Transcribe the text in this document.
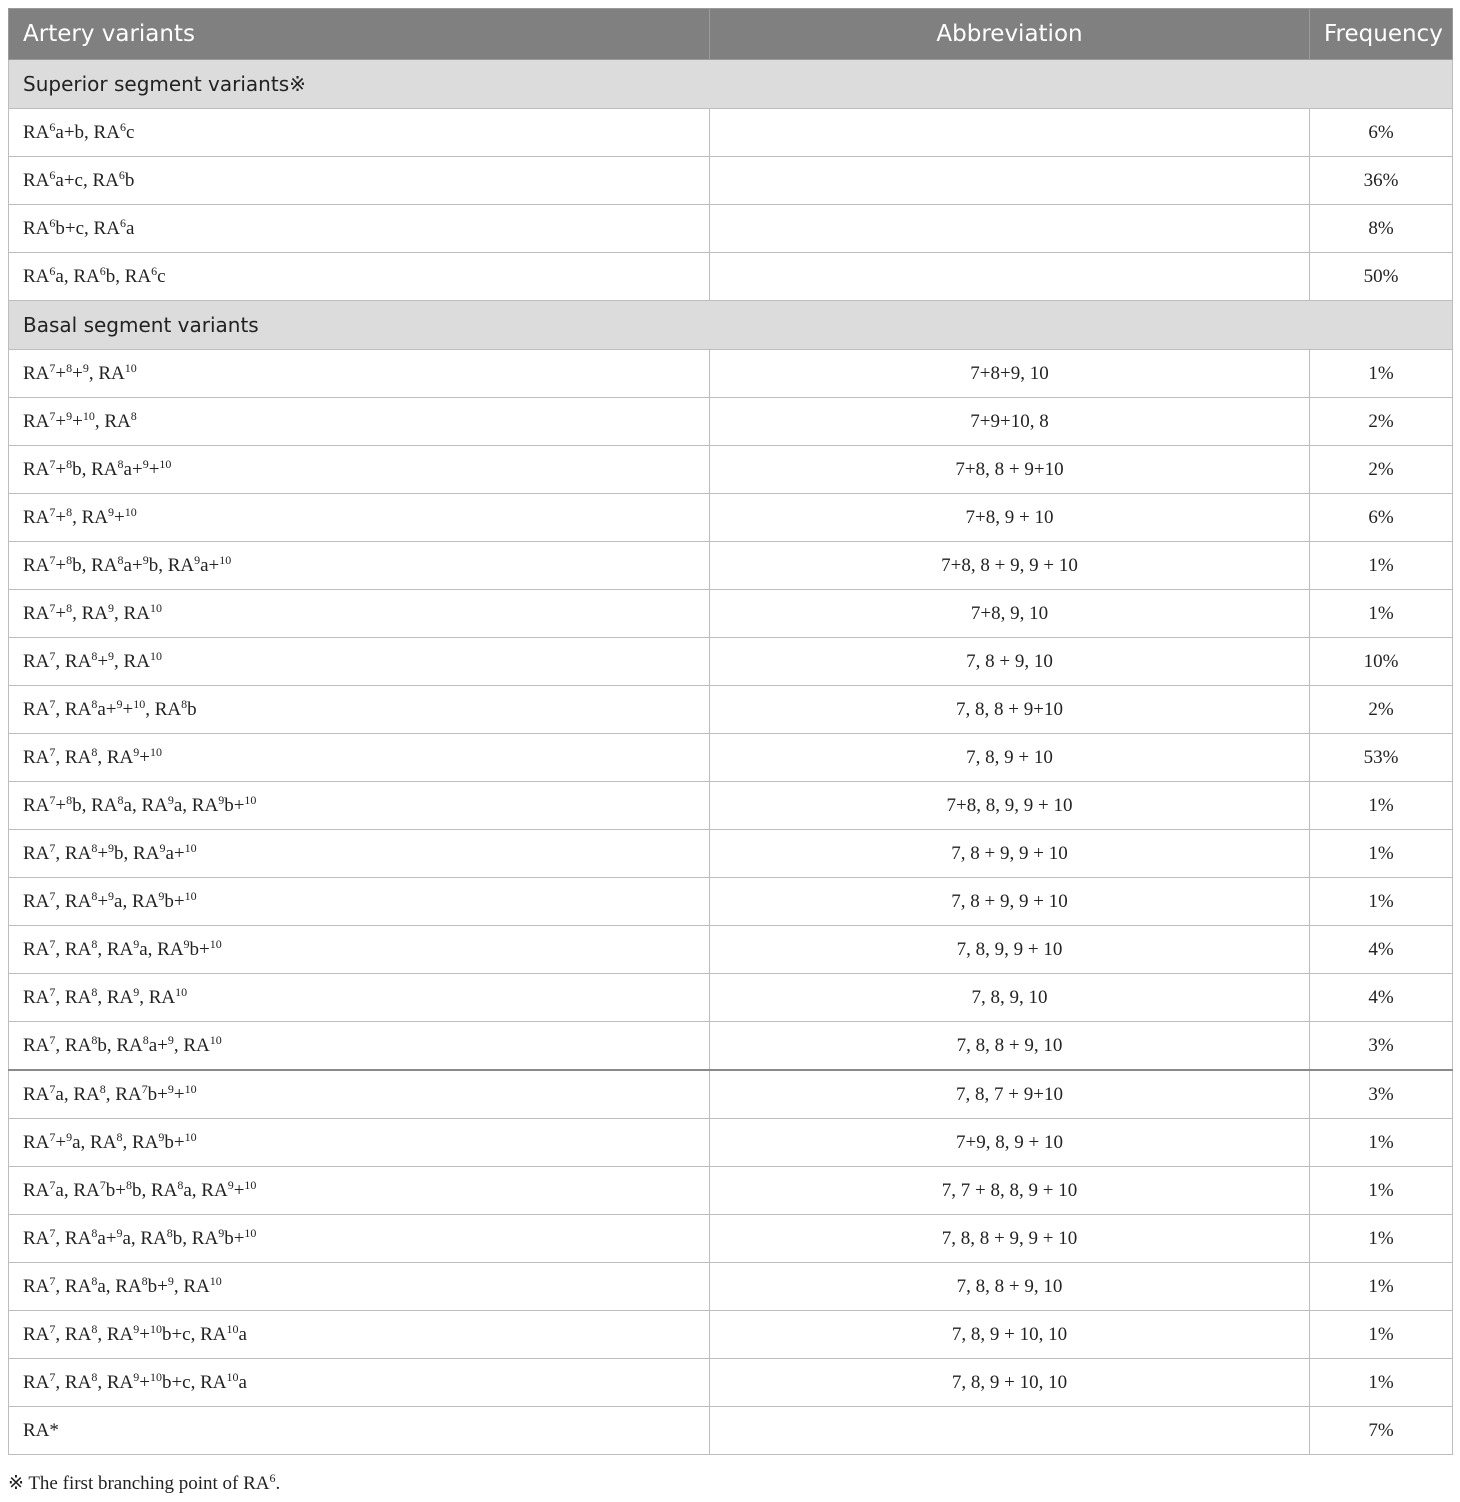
Artery variants	Abbreviation	Frequency
Superior segment variants※		
$RA^6a+b$, $RA^6c$		6%
$RA^6a+c$, $RA^6b$		36%
$RA^6b+c$, $RA^6a$		8%
$RA^6a$, $RA^6b$, $RA^6c$		50%
Basal segment variants		
$RA^7+^8+^9$, RA$^{10}$	7+8+9, 10	1%
$RA^7+^9+^{10}$, $RA^8$	7+9+10, 8	2%
$RA^7+^8b$, $RA^8a+^9+^{10}$	7+8, 8 + 9+10	2%
$RA^7+^8$, $RA^9+^{10}$	7+8, 9 + 10	6%
$RA^7+^8b$, $RA^8a+^9b$, $RA^9a+^{10}$	7+8, 8 + 9, 9 + 10	1%
$RA^7+^8$, $RA^9$, RA$^{10}$	7+8, 9, 10	1%
$RA^7$, $RA^8+^9$, RA$^{10}$	7, 8 + 9, 10	10%
$RA^7$, $RA^8a+^9+^{10}$, $RA^8b$	7, 8, 8 + 9+10	2%
$RA^7$, $RA^8$, $RA^9+^{10}$	7, 8, 9 + 10	53%
$RA^7+^8b$, $RA^8a$, $RA^9a$, $RA^9b+^{10}$	7+8, 8, 9, 9 + 10	1%
$RA^7$, $RA^8+^9b$, $RA^9a+^{10}$	7, 8 + 9, 9 + 10	1%
$RA^7$, $RA^8+^9a$, $RA^9b+^{10}$	7, 8 + 9, 9 + 10	1%
$RA^7$, $RA^8$, $RA^9a$, $RA^9b+^{10}$	7, 8, 9, 9 + 10	4%
$RA^7$, $RA^8$, $RA^9$, RA$^{10}$	7, 8, 9, 10	4%
$RA^7$, $RA^8b$, $RA^8a+^9$, RA$^{10}$	7, 8, 8 + 9, 10	3%
$RA^7a$, $RA^8$, $RA^7b+^9+^{10}$	7, 8, 7 + 9+10	3%
$RA^7+^9a$, $RA^8$, $RA^9b+^{10}$	7+9, 8, 9 + 10	1%
$RA^7a$, $RA^7b+^8b$, $RA^8a$, $RA^9+^{10}$	7, 7 + 8, 8, 9 + 10	1%
$RA^7$, $RA^8a+^9a$, $RA^8b$, $RA^9b+^{10}$	7, 8, 8 + 9, 9 + 10	1%
$RA^7$, $RA^8a$, $RA^8b+^9$, RA$^{10}$	7, 8, 8 + 9, 10	1%
$RA^7$, $RA^8$, $RA^9+^{10}b+c$, RA$^{10}$a	7, 8, 9 + 10, 10	1%
$RA^7$, $RA^8$, $RA^9+^{10}b+c$, RA$^{10}$a	7, 8, 9 + 10, 10	1%
RA*		7%
※ The first branching point of $RA^6$.
